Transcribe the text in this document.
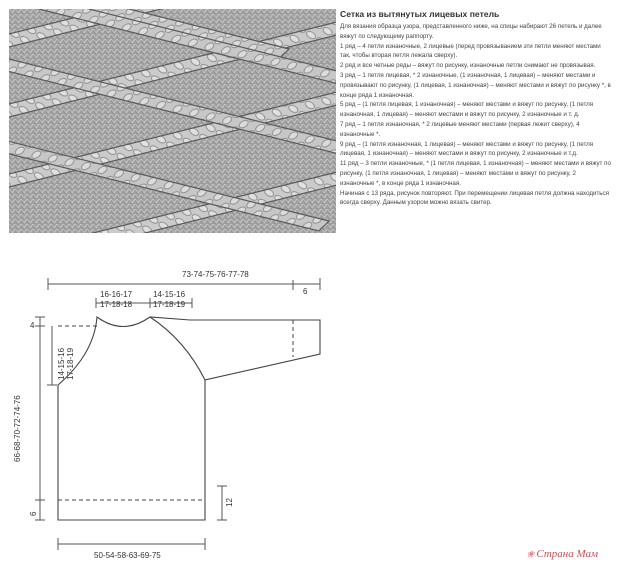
Сетка из вытянутых лицевых петель

Для вязания образца узора, представленного ниже, на спицы набирают 26 петель и далее вяжут по следующему раппорту.

1 ряд – 4 петли изнаночные, 2 лицевые (перед провязыванием эти петли меняют местами так, чтобы вторая петля лежала сверху).

2 ряд и все четные ряды – вяжут по рисунку, изнаночные петли снимают не провязывая.

3 ряд – 1 петля лицевая, * 2 изнаночные, (1 изнаночная, 1 лицевая) – меняют местами и провязывают по рисунку, (1 лицевая, 1 изнаночная) – меняют местами и вяжут по рисунку *, в конце ряда 1 изнаночная.

5 ряд – (1 петля лицевая, 1 изнаночная) – меняют местами и вяжут по рисунку, (1 петля изнаночная, 1 лицевая) – меняют местами и вяжут по рисунку, 2 изнаночные и т. д.

7 ряд – 1 петля изнаночная, * 2 лицевые меняют местами (первая лежит сверху), 4 изнаночные *.

9 ряд – (1 петля изнаночная, 1 лицевая) – меняют местами и вяжут по рисунку, (1 петля лицевая, 1 изнаночная) – меняют местами и вяжут по рисунку, 2 изнаночные и т.д.

11 ряд – 3 петли изнаночные, * (1 петля лицевая, 1 изнаночная) – меняют местами и вяжут по рисунку, (1 петля изнаночная, 1 лицевая) – меняют местами и вяжут по рисунку, 2 изнаночные *, в конце ряда 1 изнаночная.

Начиная с 13 ряда, рисунок повторяют. При перемещении лицевая петля должна находиться всегда сверху. Данным узором можно вязать свитер.

73-74-75-76-77-78
6
16-16-17
17-18-18
14-15-16
17-18-19
4
14-15-16 17-18-19
66-68-70-72-74-76
6
12
50-54-58-63-69-75	❀ Страна Мам
